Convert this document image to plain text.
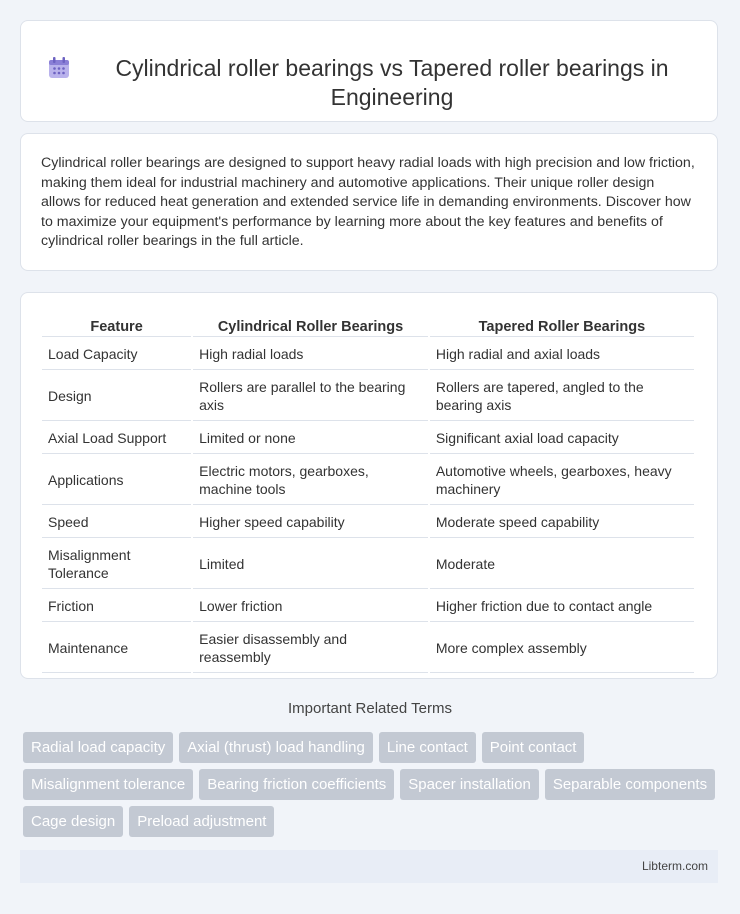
Cylindrical roller bearings vs Tapered roller bearings in Engineering

Cylindrical roller bearings are designed to support heavy radial loads with high precision and low friction, making them ideal for industrial machinery and automotive applications. Their unique roller design allows for reduced heat generation and extended service life in demanding environments. Discover how to maximize your equipment's performance by learning more about the key features and benefits of cylindrical roller bearings in the full article.

Feature	Cylindrical Roller Bearings	Tapered Roller Bearings
Load Capacity	High radial loads	High radial and axial loads
Design	Rollers are parallel to the bearing axis	Rollers are tapered, angled to the bearing axis
Axial Load Support	Limited or none	Significant axial load capacity
Applications	Electric motors, gearboxes, machine tools	Automotive wheels, gearboxes, heavy machinery
Speed	Higher speed capability	Moderate speed capability
Misalignment Tolerance	Limited	Moderate
Friction	Lower friction	Higher friction due to contact angle
Maintenance	Easier disassembly and reassembly	More complex assembly
Important Related Terms
Radial load capacity	Axial (thrust) load handling	Line contact	Point contact
Misalignment tolerance	Bearing friction coefficients	Spacer installation	Separable components
Cage design	Preload adjustment
Libterm.com
